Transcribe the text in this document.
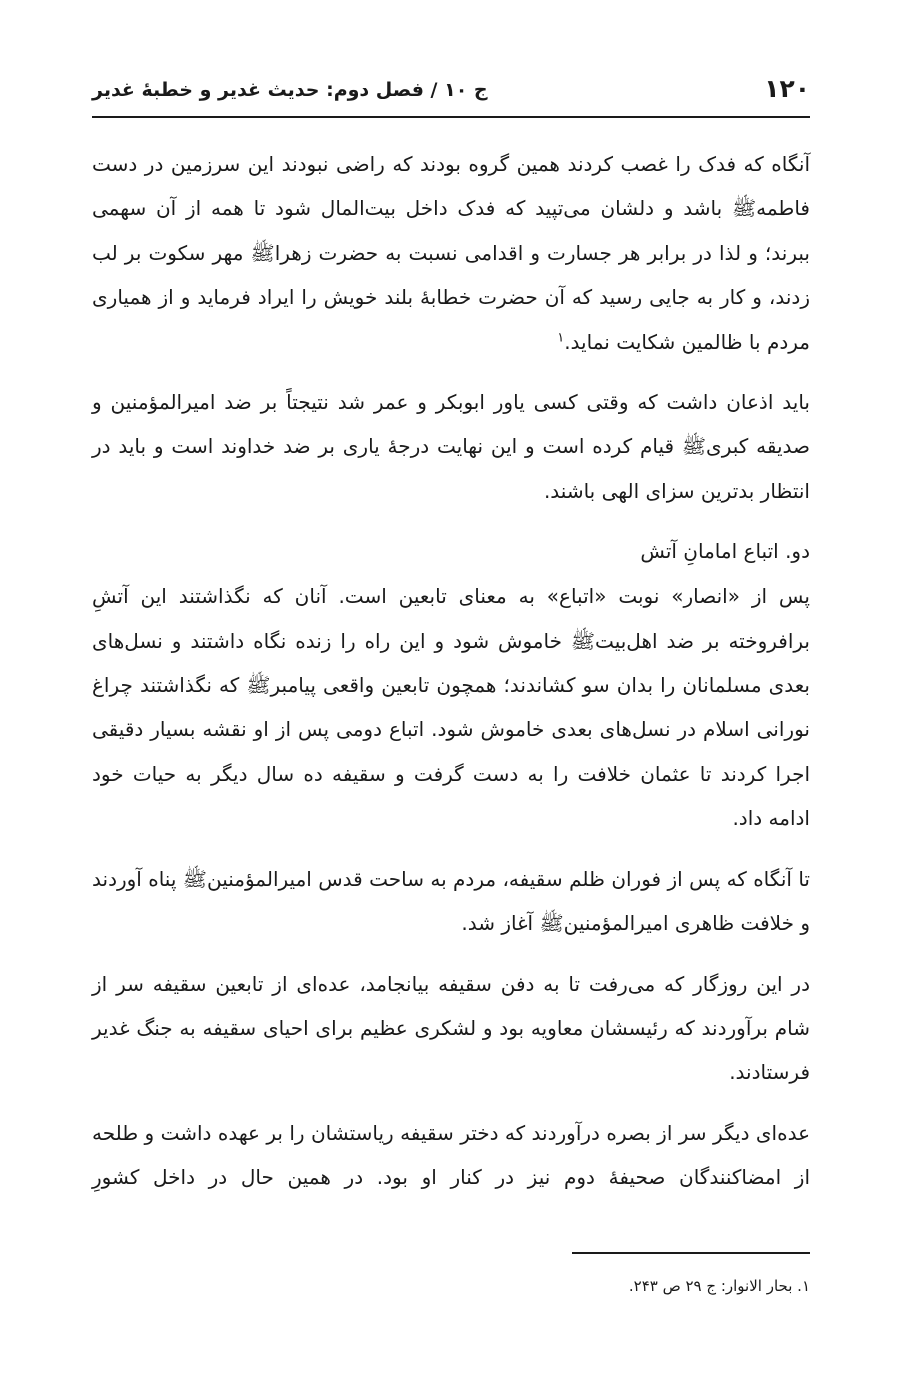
۱۲۰
ج ۱۰ / فصل دوم: حدیث غدیر و خطبهٔ غدیر

آنگاه که فدک را غصب کردند همین گروه بودند که راضی نبودند این سرزمین در دست فاطمهﷺ باشد و دلشان می‌تپید که فدک داخل بیت‌المال شود تا همه از آن سهمی ببرند؛ و لذا در برابر هر جسارت و اقدامی نسبت به حضرت زهراﷺ مهر سکوت بر لب زدند، و کار به جایی رسید که آن حضرت خطابهٔ بلند خویش را ایراد فرماید و از همیاری مردم با ظالمین شکایت نماید.$^۱$

باید اذعان داشت که وقتی کسی یاور ابوبکر و عمر شد نتیجتاً بر ضد امیرالمؤمنین و صدیقه کبریﷺ قیام کرده است و این نهایت درجهٔ یاری بر ضد خداوند است و باید در انتظار بدترین سزای الهی باشند.

دو. اتباع امامانِ آتش

پس از «انصار» نوبت «اتباع» به معنای تابعین است. آنان که نگذاشتند این آتشِ برافروخته بر ضد اهل‌بیتﷺ خاموش شود و این راه را زنده نگاه داشتند و نسل‌های بعدی مسلمانان را بدان سو کشاندند؛ همچون تابعین واقعی پیامبرﷺ که نگذاشتند چراغ نورانی اسلام در نسل‌های بعدی خاموش شود. اتباع دومی پس از او نقشه بسیار دقیقی اجرا کردند تا عثمان خلافت را به دست گرفت و سقیفه ده سال دیگر به حیات خود ادامه داد.

تا آنگاه که پس از فوران ظلم سقیفه، مردم به ساحت قدس امیرالمؤمنینﷺ پناه آوردند و خلافت ظاهری امیرالمؤمنینﷺ آغاز شد.

در این روزگار که می‌رفت تا به دفن سقیفه بیانجامد، عده‌ای از تابعین سقیفه سر از شام برآوردند که رئیسشان معاویه بود و لشکری عظیم برای احیای سقیفه به جنگ غدیر فرستادند.

عده‌ای دیگر سر از بصره درآوردند که دختر سقیفه ریاستشان را بر عهده داشت و طلحه از امضاکنندگان صحیفهٔ دوم نیز در کنار او بود. در همین حال در داخل کشورِ

۱. بحار الانوار: ج ۲۹ ص ۲۴۳.
